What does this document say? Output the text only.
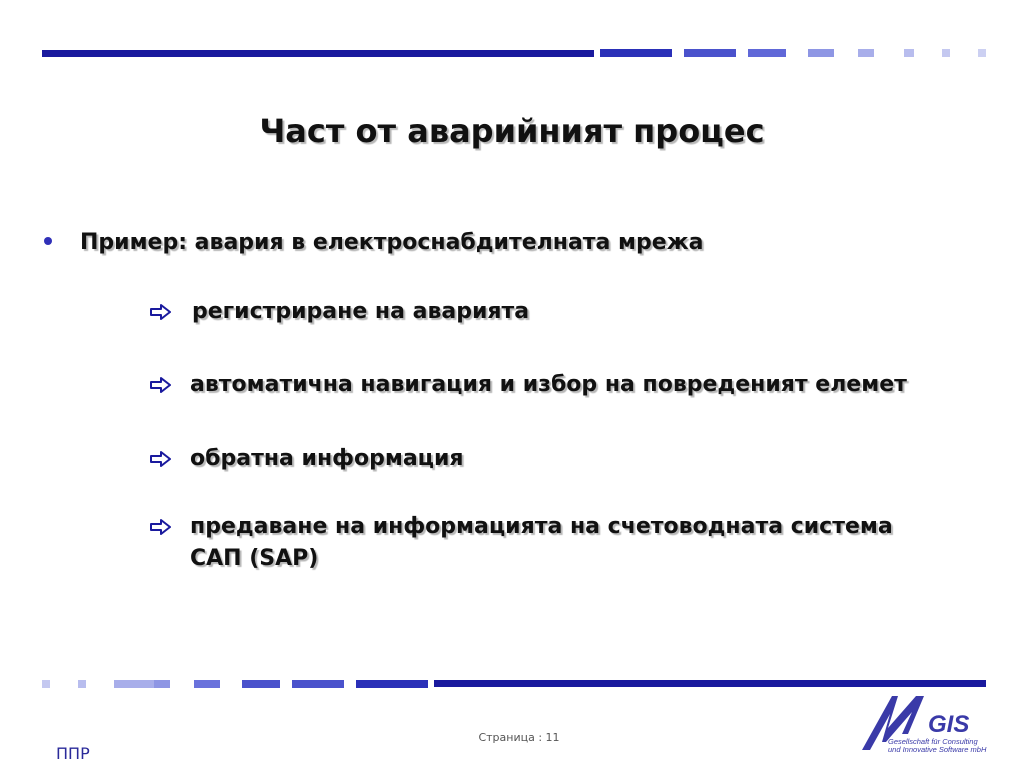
Част от аварийният процес
Пример: авария в електроснабдителната мрежа
регистриране на аварията
автоматична навигация и избор на повреденият елемет
обратна информация
предаване на информацията на счетоводната система САП (SAP)
Страница : 11
ППР
GIS
Gesellschaft für Consulting
und Innovative Software mbH
